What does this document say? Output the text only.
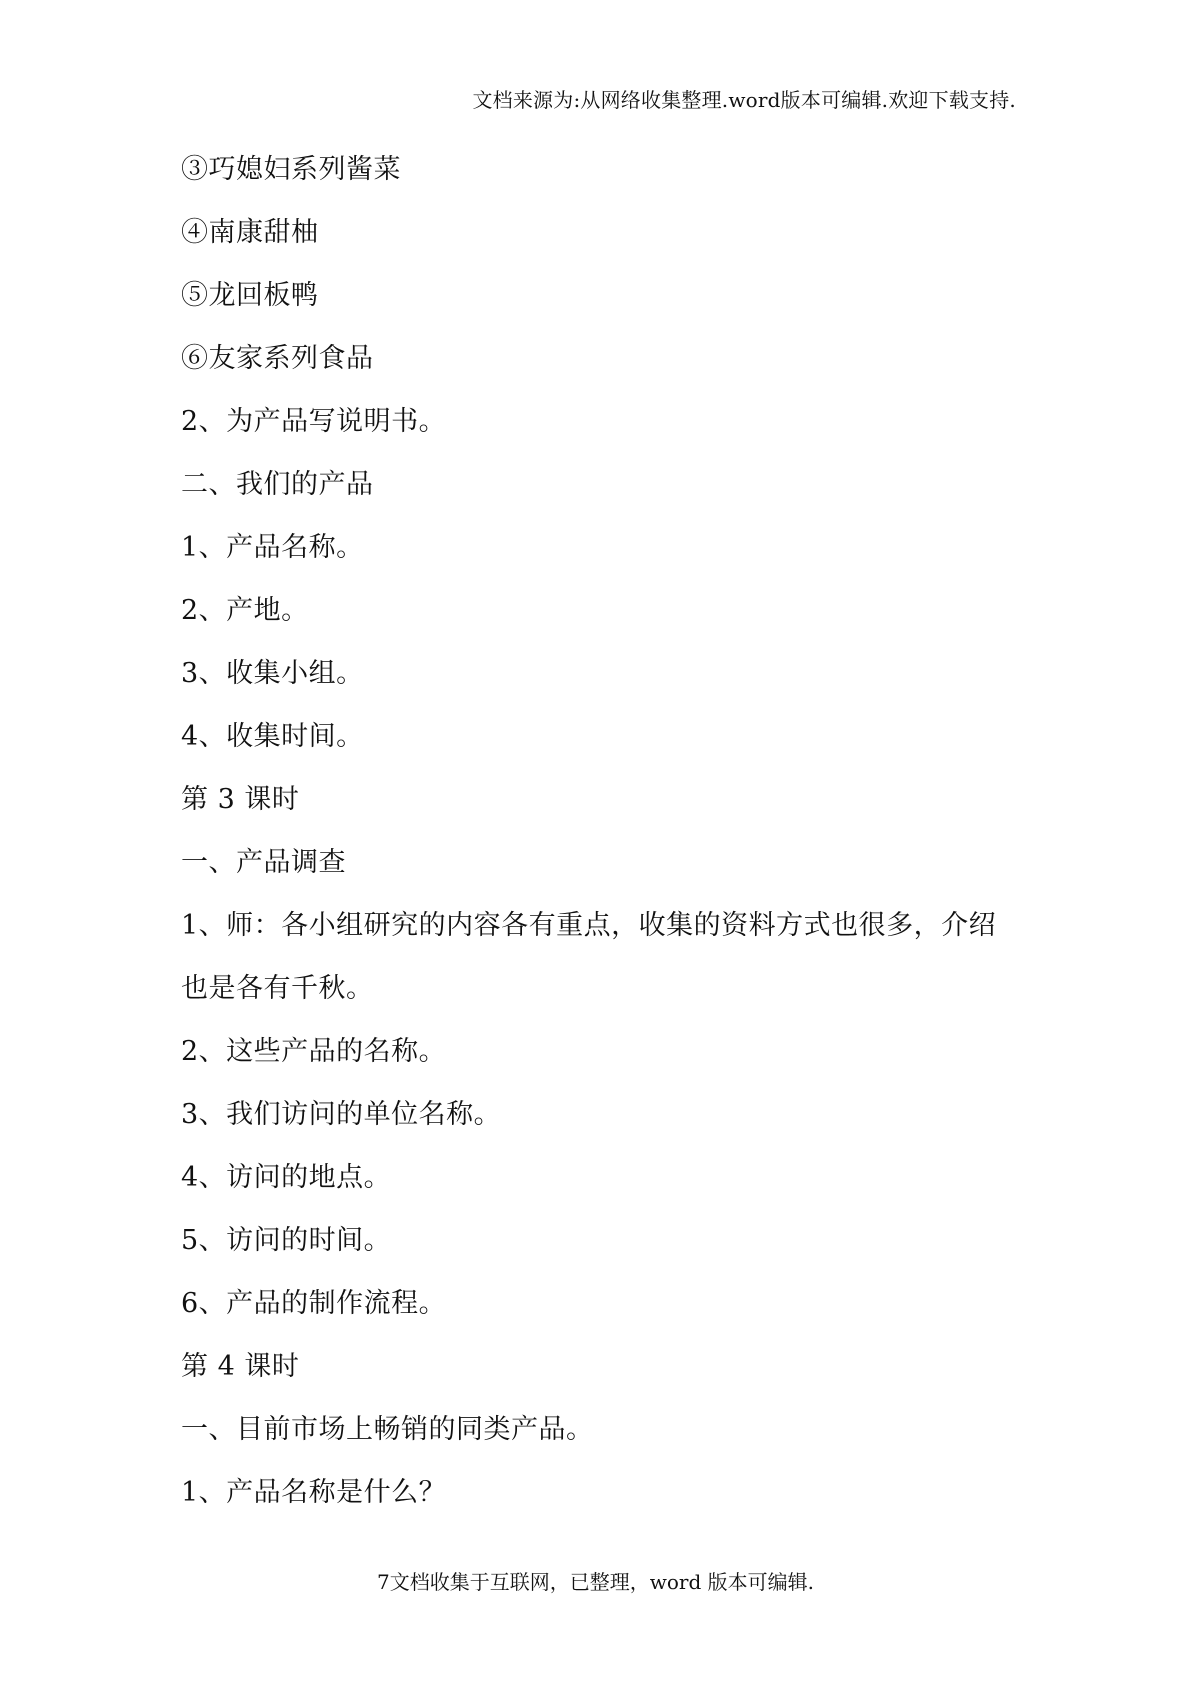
文档来源为:从网络收集整理.word版本可编辑.欢迎下载支持.
③巧媳妇系列酱菜
④南康甜柚
⑤龙回板鸭
⑥友家系列食品
2、为产品写说明书。
二、我们的产品
1、产品名称。
2、产地。
3、收集小组。
4、收集时间。
第 3 课时
一、产品调查
1、师：各小组研究的内容各有重点，收集的资料方式也很多，介绍
也是各有千秋。
2、这些产品的名称。
3、我们访问的单位名称。
4、访问的地点。
5、访问的时间。
6、产品的制作流程。
第 4 课时
一、目前市场上畅销的同类产品。
1、产品名称是什么？
7文档收集于互联网，已整理，word 版本可编辑.
